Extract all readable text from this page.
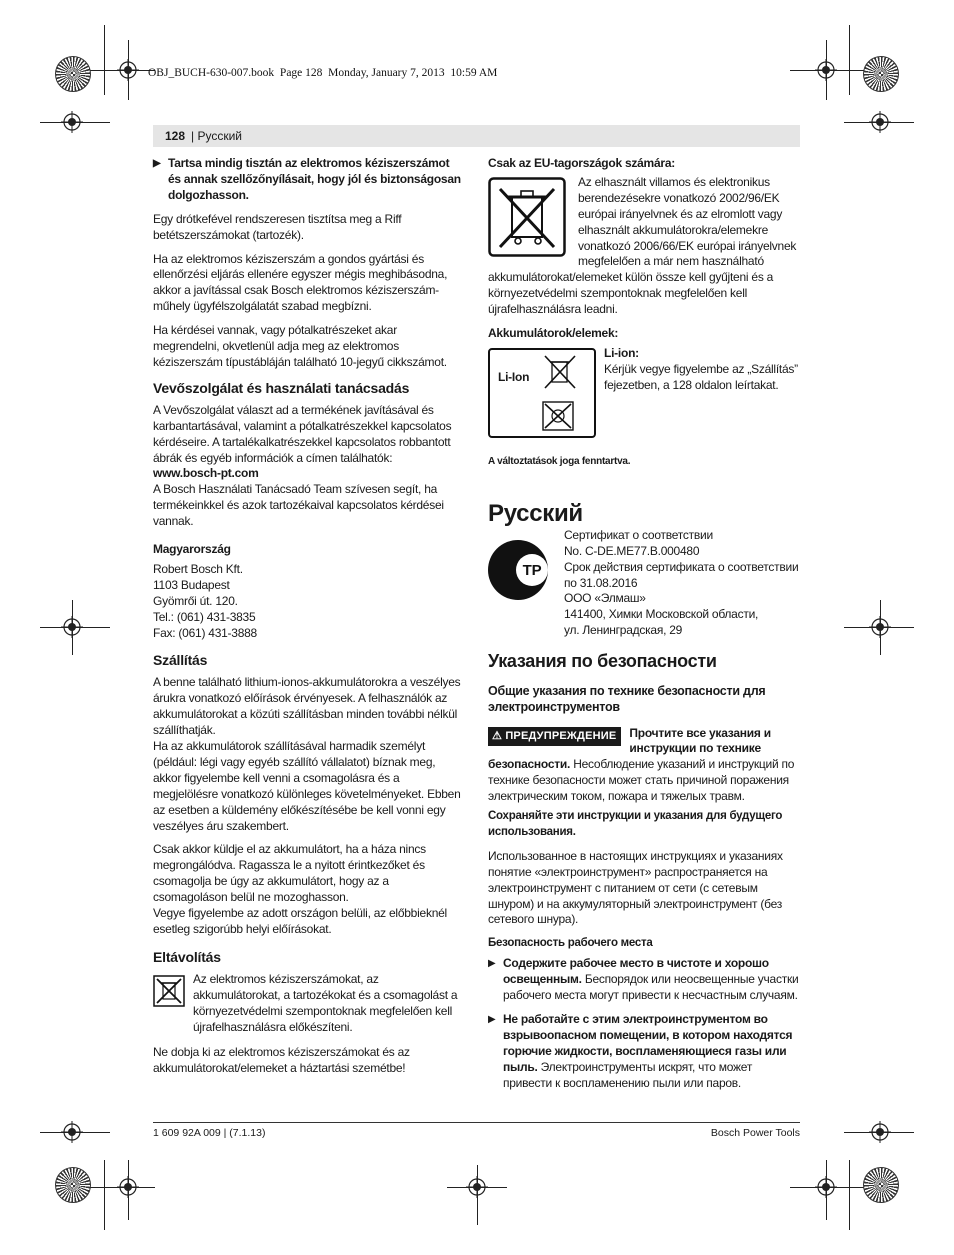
OBJ_BUCH-630-007.book  Page 128  Monday, January 7, 2013  10:59 AM
128 | Русский
▶ Tartsa mindig tisztán az elektromos kéziszerszámot és annak szellőzőnyílásait, hogy jól és biztonságosan dolgozhasson.

Egy drótkefével rendszeresen tisztítsa meg a Riff betétszerszámokat (tartozék).

Ha az elektromos kéziszerszám a gondos gyártási és ellenőrzési eljárás ellenére egyszer mégis meghibásodna, akkor a javítással csak Bosch elektromos kéziszerszám-műhely ügyfélszolgálatát szabad megbízni.

Ha kérdései vannak, vagy pótalkatrészeket akar megrendelni, okvetlenül adja meg az elektromos kéziszerszám típustábláján található 10-jegyű cikkszámot.

Vevőszolgálat és használati tanácsadás

A Vevőszolgálat választ ad a termékének javításával és karbantartásával, valamint a pótalkatrészekkel kapcsolatos kérdéseire. A tartalékalkatrészekkel kapcsolatos robbantott ábrák és egyéb információk a címen találhatók:

www.bosch-pt.com

A Bosch Használati Tanácsadó Team szívesen segít, ha termékeinkkel és azok tartozékaival kapcsolatos kérdései vannak.

Magyarország
Robert Bosch Kft.
1103 Budapest
Gyömrői út. 120.
Tel.: (061) 431-3835
Fax: (061) 431-3888
Szállítás

A benne található lithium-ionos-akkumulátorokra a veszélyes árukra vonatkozó előírások érvényesek. A felhasználók az akkumulátorokat a közúti szállításban minden további nélkül szállíthatják.

Ha az akkumulátorok szállításával harmadik személyt (például: légi vagy egyéb szállító vállalatot) bíznak meg, akkor figyelembe kell venni a csomagolásra és a megjelölésre vonatkozó különleges követelményeket. Ebben az esetben a küldemény előkészítésébe be kell vonni egy veszélyes áru szakembert.

Csak akkor küldje el az akkumulátort, ha a háza nincs megrongálódva. Ragassza le a nyitott érintkezőket és csomagolja be úgy az akkumulátort, hogy az a csomagoláson belül ne mozoghasson.

Vegye figyelembe az adott országon belüli, az előbbieknél esetleg szigorúbb helyi előírásokat.

Eltávolítás
Az elektromos kéziszerszámokat, az akkumulátorokat, a tartozékokat és a csomagolást a környezetvédelmi szempontoknak megfelelően kell újrafelhasználásra előkészíteni.

Ne dobja ki az elektromos kéziszerszámokat és az akkumulátorokat/elemeket a háztartási szemétbe!

Csak az EU-tagországok számára:
Az elhasznált villamos és elektronikus berendezésekre vonatkozó 2002/96/EK európai irányelvnek és az elromlott vagy elhasznált akkumulátorokra/elemekre vonatkozó 2006/66/EK európai irányelvnek megfelelően a már nem használható akkumulátorokat/elemeket külön össze kell gyűjteni és a környezetvédelmi szempontoknak megfelelően kell újrafelhasználásra leadni.
Akkumulátorok/elemek:
Li-Ion
Li-ion:
Kérjük vegye figyelembe az „Szállítás” fejezetben, a 128 oldalon leírtakat.
A változtatások joga fenntartva.
Русский
ТР
Сертификат о соответствии
No. C-DE.ME77.B.000480
Срок действия сертификата о соответствии
по 31.08.2016
ООО «Элмаш»
141400, Химки Московской области,
ул. Ленинградская, 29
Указания по безопасности
Общие указания по технике безопасности для электроинструментов

⚠ ПРЕДУПРЕЖДЕНИЕ	Прочтите все указания и инструкции по технике безопасности. Несоблюдение указаний и инструкций по технике безопасности может стать причиной поражения электрическим током, пожара и тяжелых травм.

Сохраняйте эти инструкции и указания для будущего использования.

Использованное в настоящих инструкциях и указаниях понятие «электроинструмент» распространяется на электроинструмент с питанием от сети (с сетевым шнуром) и на аккумуляторный электроинструмент (без сетевого шнура).

Безопасность рабочего места
▶ Содержите рабочее место в чистоте и хорошо освещенным. Беспорядок или неосвещенные участки рабочего места могут привести к несчастным случаям.
▶ Не работайте с этим электроинструментом во взрывоопасном помещении, в котором находятся горючие жидкости, воспламеняющиеся газы или пыль. Электроинструменты искрят, что может привести к воспламенению пыли или паров.
1 609 92A 009 | (7.1.13)	Bosch Power Tools
